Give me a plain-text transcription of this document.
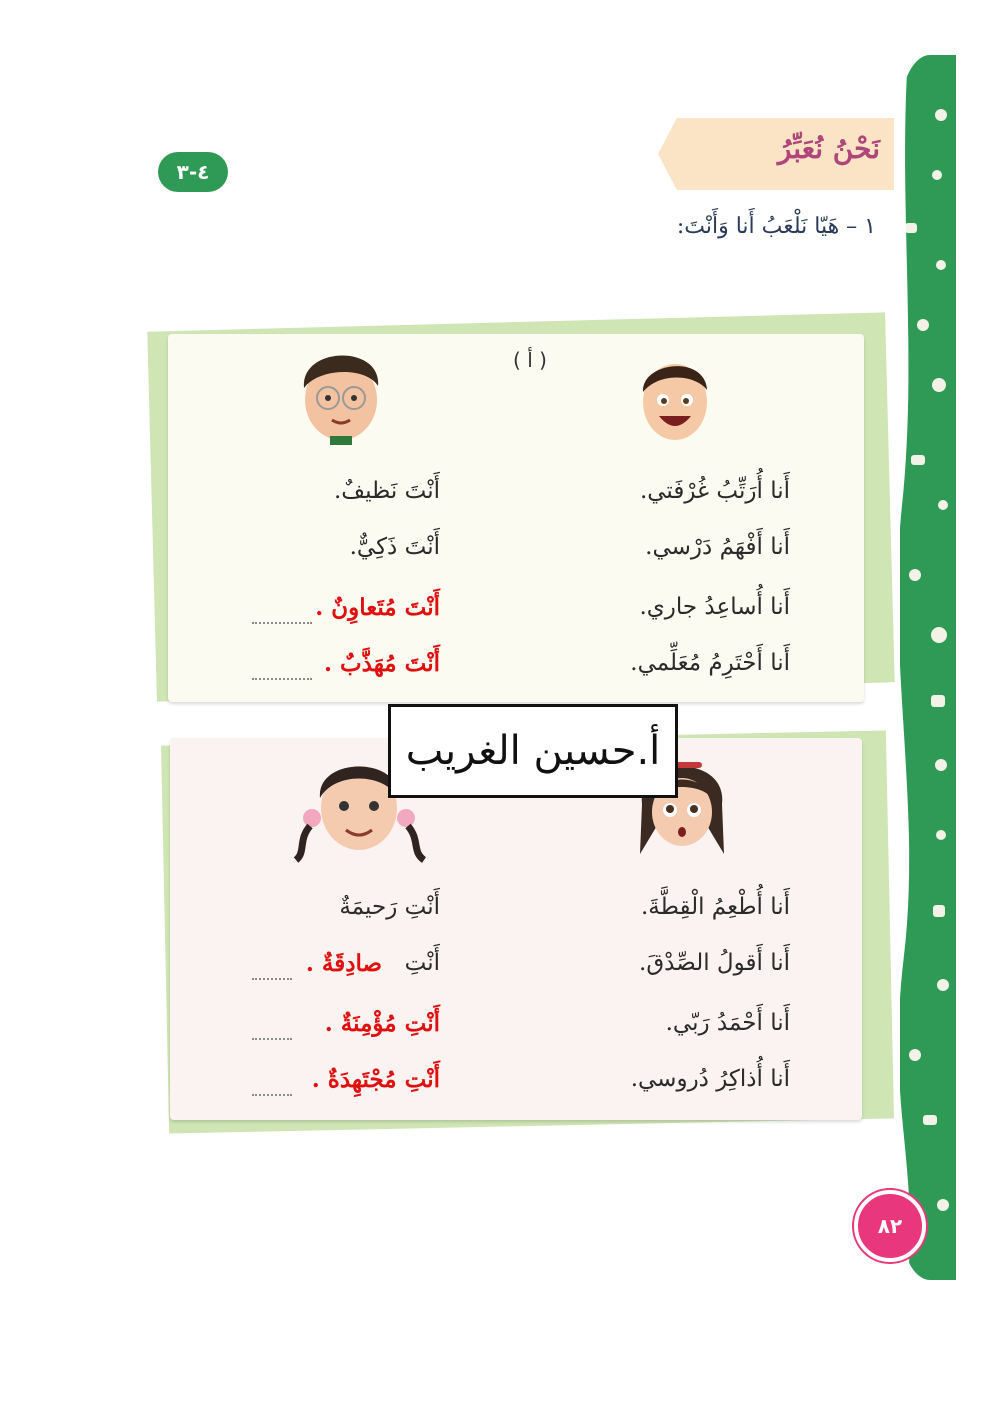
نَحْنُ نُعَبِّرُ
٤-٣
١ – هَيّا نَلْعَبُ أَنا وَأَنْتَ:
( أ )
أَنا أُرَتِّبُ غُرْفَتي.
أَنا أَفْهَمُ دَرْسي.
أَنا أُساعِدُ جاري.
أَنا أَحْتَرِمُ مُعَلِّمي.
أَنْتَ نَظيفٌ.
أَنْتَ ذَكِيٌّ.
أَنْتَ مُتَعاوِنٌ .
أَنْتَ مُهَذَّبٌ .
أَنا أُطْعِمُ الْقِطَّةَ.
أَنا أَقولُ الصِّدْقَ.
أَنا أَحْمَدُ رَبّي.
أَنا أُذاكِرُ دُروسي.
أَنْتِ رَحيمَةٌ
أَنْتِ
صادِقَةٌ .
أَنْتِ مُؤْمِنَةٌ .
أَنْتِ مُجْتَهِدَةٌ .
أ.حسين الغريب
٨٢
